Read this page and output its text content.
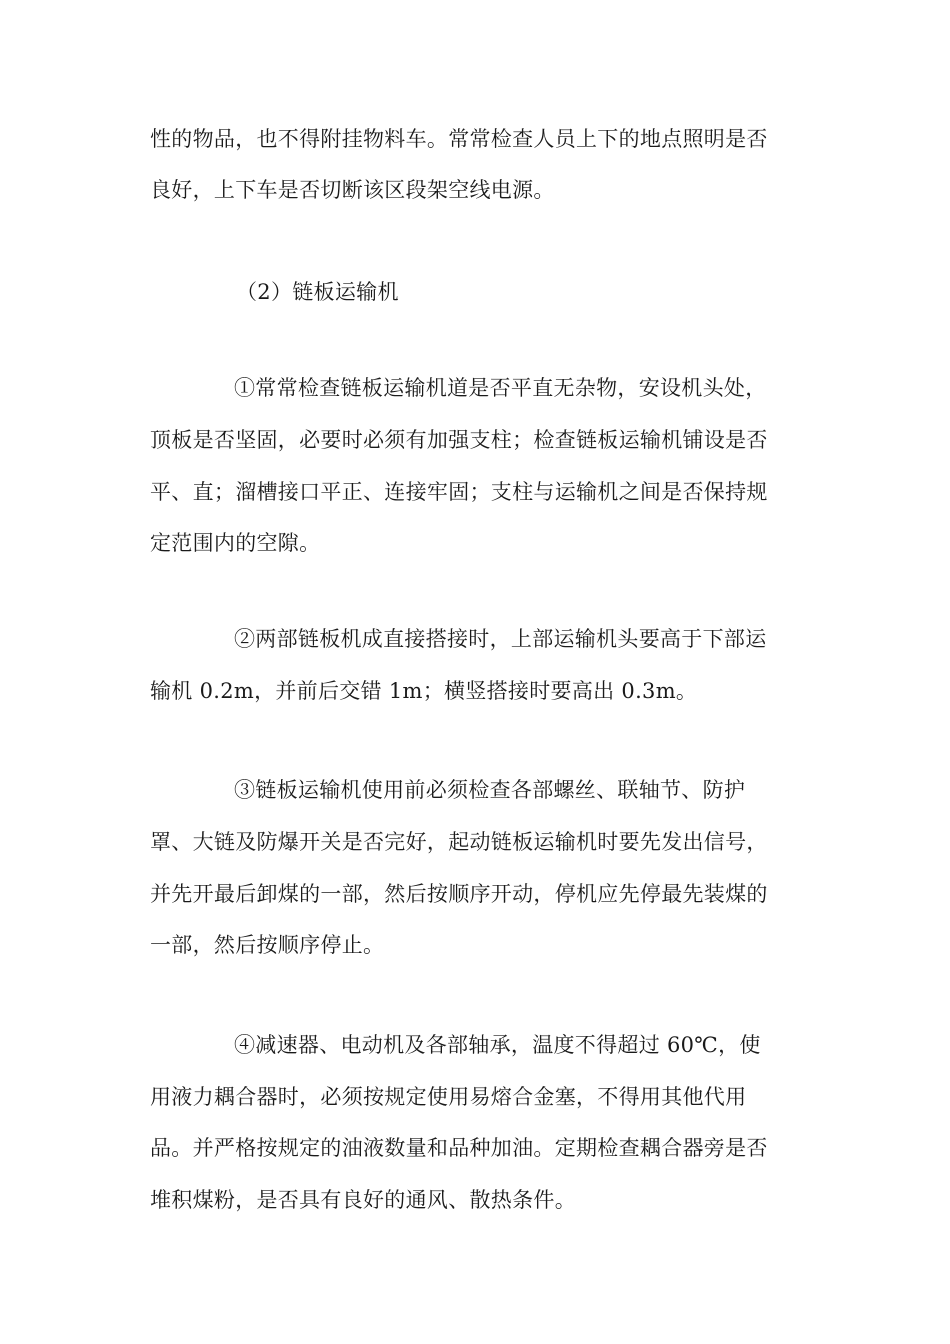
性的物品，也不得附挂物料车。常常检查人员上下的地点照明是否
良好，上下车是否切断该区段架空线电源。
（2）链板运输机
①常常检查链板运输机道是否平直无杂物，安设机头处，
顶板是否坚固，必要时必须有加强支柱；检查链板运输机铺设是否
平、直；溜槽接口平正、连接牢固；支柱与运输机之间是否保持规
定范围内的空隙。
②两部链板机成直接搭接时，上部运输机头要高于下部运
输机 0.2m，并前后交错 1m；横竖搭接时要高出 0.3m。
③链板运输机使用前必须检查各部螺丝、联轴节、防护
罩、大链及防爆开关是否完好，起动链板运输机时要先发出信号，
并先开最后卸煤的一部，然后按顺序开动，停机应先停最先装煤的
一部，然后按顺序停止。
④减速器、电动机及各部轴承，温度不得超过 60℃，使
用液力耦合器时，必须按规定使用易熔合金塞，不得用其他代用
品。并严格按规定的油液数量和品种加油。定期检查耦合器旁是否
堆积煤粉，是否具有良好的通风、散热条件。
